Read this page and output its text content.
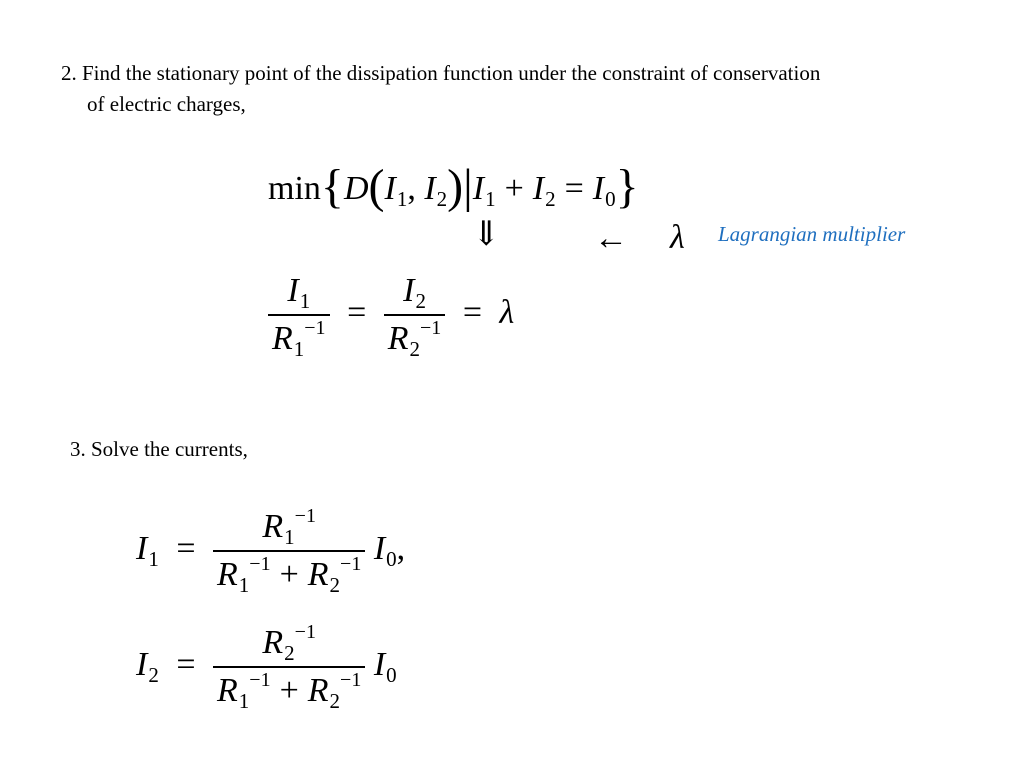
2. Find the stationary point of the dissipation function under the constraint of conservation
of electric charges,
$\min\{D(I_1$, $I_2)|I_1 + I_2 = I_0$}
⇓	← λ Lagrangian multiplier
$\frac{I_1}{R_1^{-1}} = \frac{I_2}{R_2^{-1}} = \lambda$
3. Solve the currents,
$I_1 = \frac{R_1^{-1}}{R_1^{-1} + R_2^{-1}} I_0$,
$I_2 = \frac{R_2^{-1}}{R_1^{-1} + R_2^{-1}} I_0$
